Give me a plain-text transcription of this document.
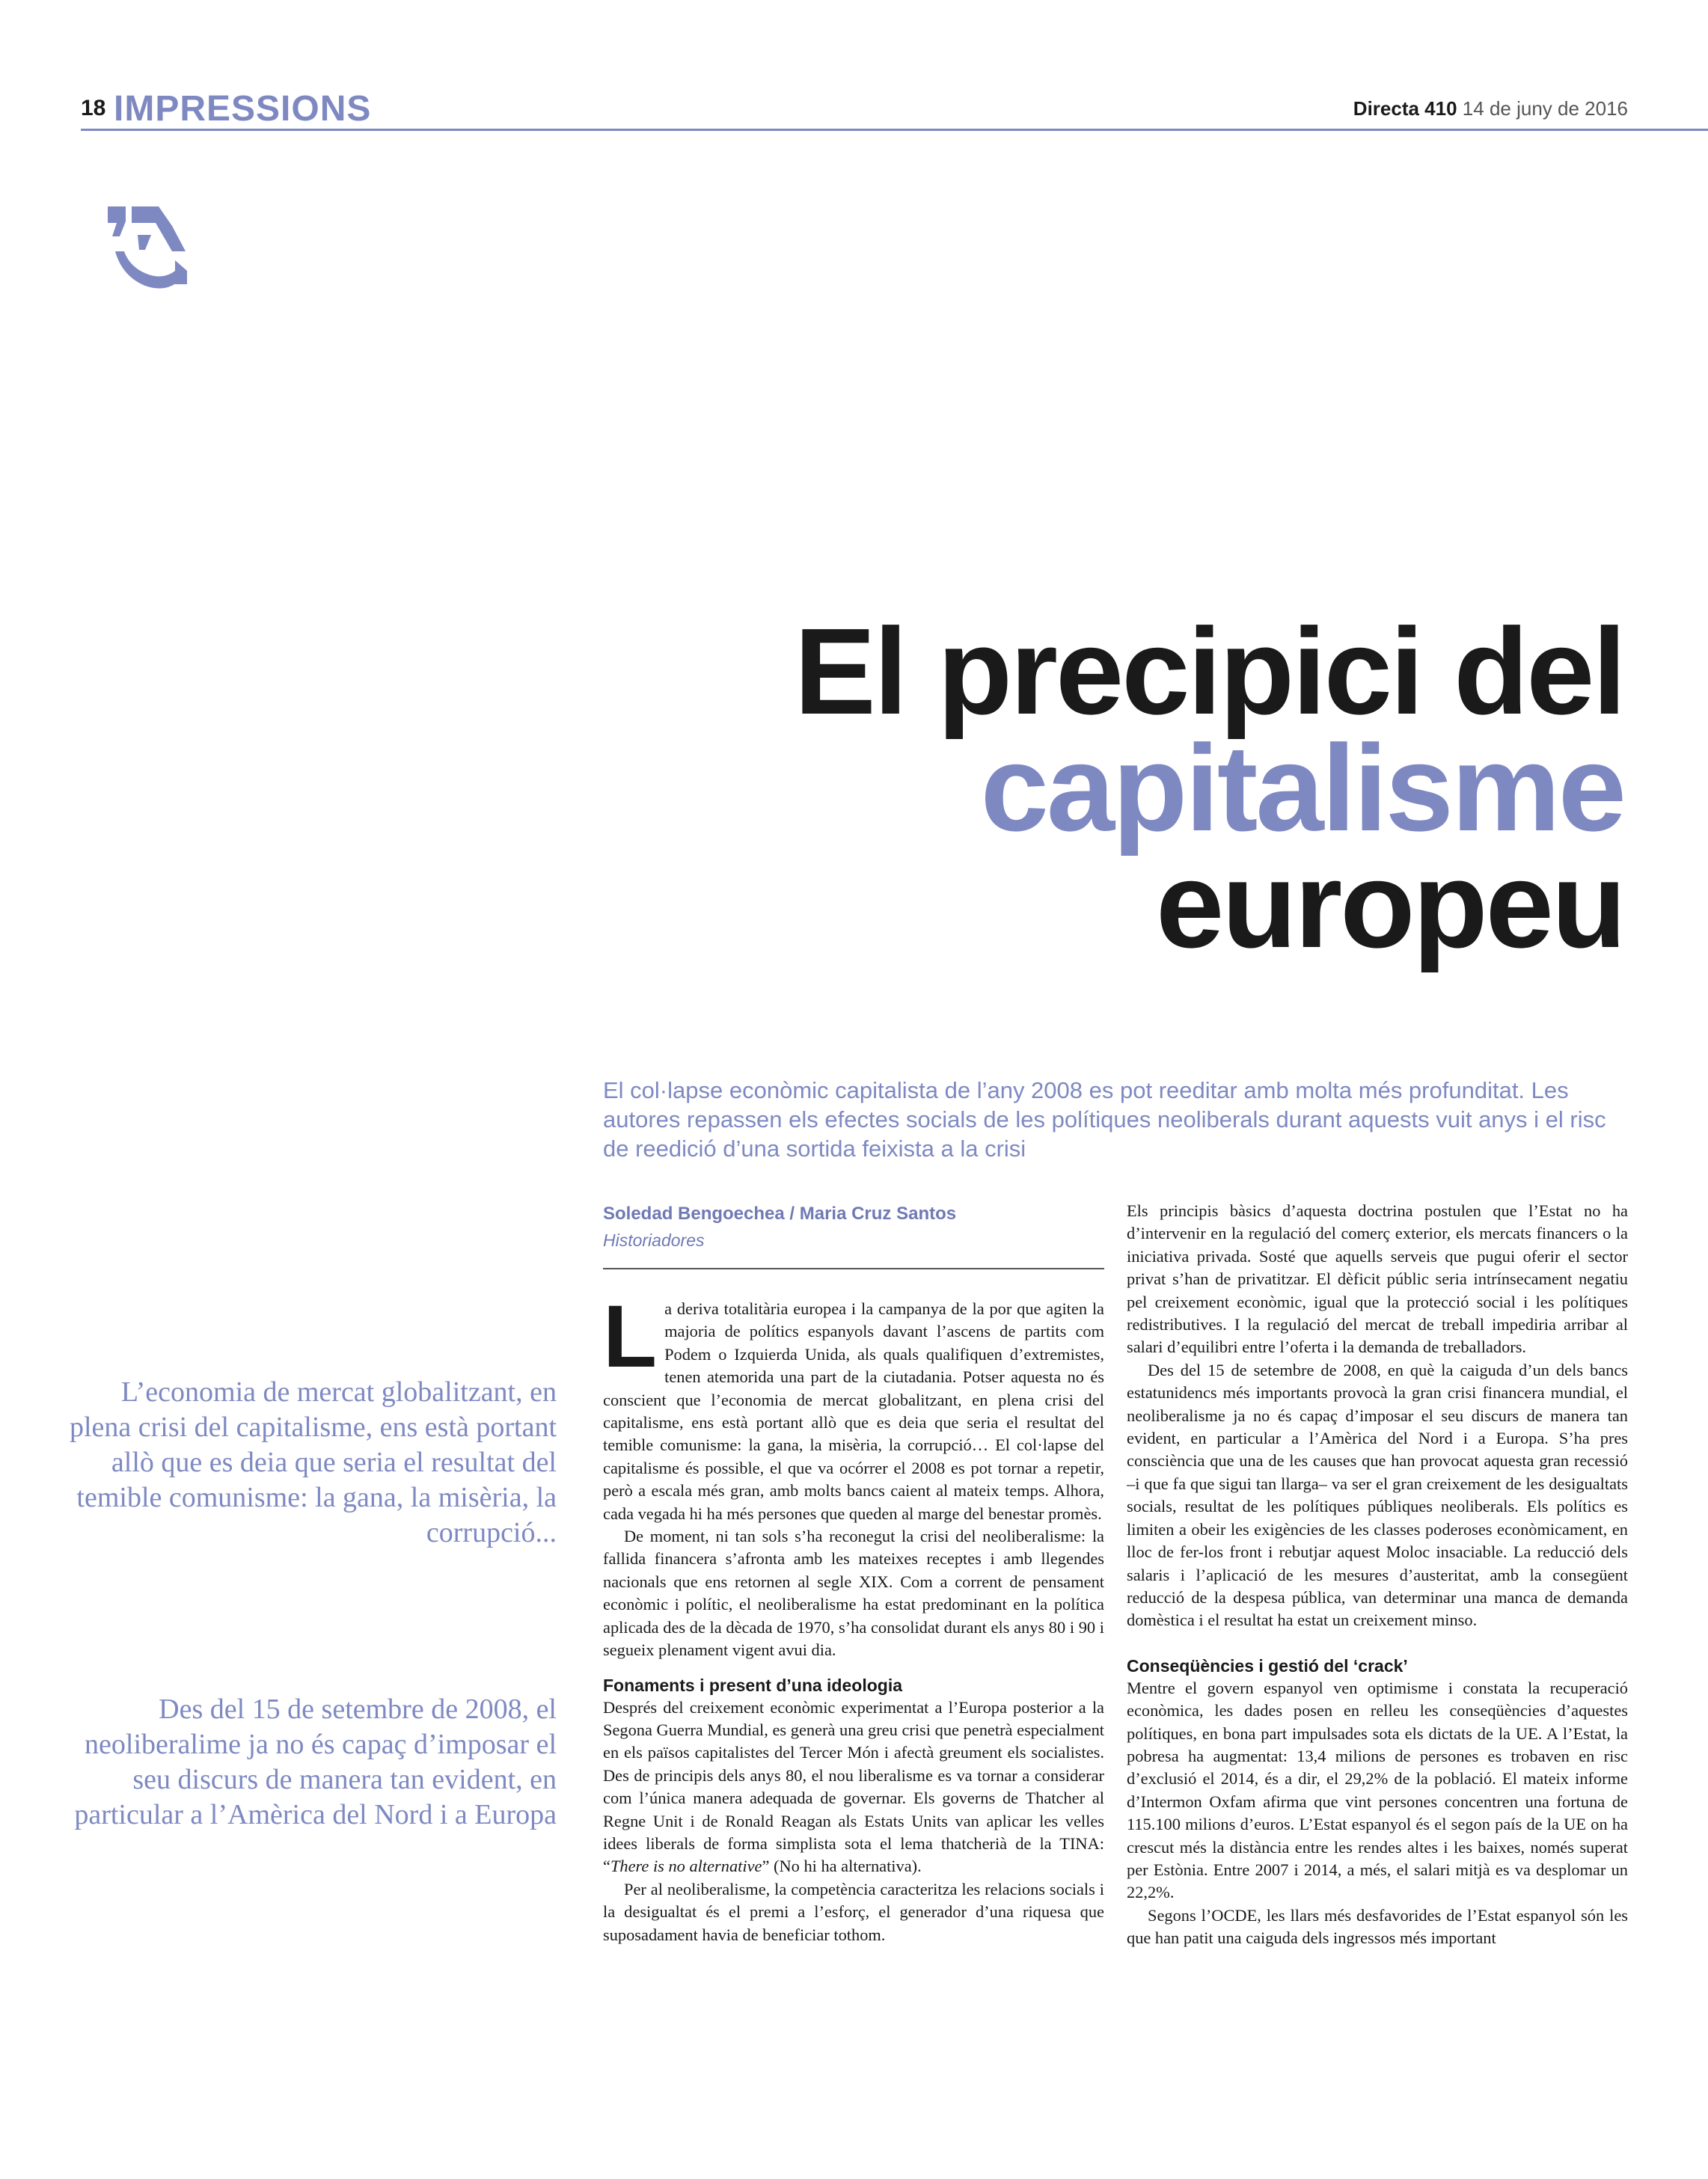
18 IMPRESSIONS	Directa 410 14 de juny de 2016
El precipici del
capitalisme
europeu
El col·lapse econòmic capitalista de l’any 2008 es pot reeditar amb molta més profunditat. Les autores repassen els efectes socials de les polítiques neoliberals durant aquests vuit anys i el risc de reedició d’una sortida feixista a la crisi
Soledad Bengoechea / Maria Cruz Santos
Historiadores
L’economia de mercat globalitzant, en plena crisi del capitalisme, ens està portant allò que es deia que seria el resultat del temible comunisme: la gana, la misèria, la corrupció...
Des del 15 de setembre de 2008, el neoliberalime ja no és capaç d’imposar el seu discurs de manera tan evident, en particular a l’Amèrica del Nord i a Europa

La deriva totalitària europea i la campanya de la por que agiten la majoria de polítics espanyols davant l’ascens de partits com Podem o Izquierda Unida, als quals qualifiquen d’extremistes, tenen atemorida una part de la ciutadania. Potser aquesta no és conscient que l’economia de mercat globalitzant, en plena crisi del capitalisme, ens està portant allò que es deia que seria el resultat del temible comunisme: la gana, la misèria, la corrupció… El col·lapse del capitalisme és possible, el que va ocórrer el 2008 es pot tornar a repetir, però a escala més gran, amb molts bancs caient al mateix temps. Alhora, cada vegada hi ha més persones que queden al marge del benestar promès.

De moment, ni tan sols s’ha reconegut la crisi del neoliberalisme: la fallida financera s’afronta amb les mateixes receptes i amb llegendes nacionals que ens retornen al segle XIX. Com a corrent de pensament econòmic i polític, el neoliberalisme ha estat predominant en la política aplicada des de la dècada de 1970, s’ha consolidat durant els anys 80 i 90 i segueix plenament vigent avui dia.

Fonaments i present d’una ideologia

Després del creixement econòmic experimentat a l’Europa posterior a la Segona Guerra Mundial, es generà una greu crisi que penetrà especialment en els països capitalistes del Tercer Món i afectà greument els socialistes. Des de principis dels anys 80, el nou liberalisme es va tornar a considerar com l’única manera adequada de governar. Els governs de Thatcher al Regne Unit i de Ronald Reagan als Estats Units van aplicar les velles idees liberals de forma simplista sota el lema thatcherià de la TINA: “There is no alternative” (No hi ha alternativa).

Per al neoliberalisme, la competència caracteritza les relacions socials i la desigualtat és el premi a l’esforç, el generador d’una riquesa que suposadament havia de beneficiar tothom.

Els principis bàsics d’aquesta doctrina postulen que l’Estat no ha d’intervenir en la regulació del comerç exterior, els mercats financers o la iniciativa privada. Sosté que aquells serveis que pugui oferir el sector privat s’han de privatitzar. El dèficit públic seria intrínsecament negatiu pel creixement econòmic, igual que la protecció social i les polítiques redistributives. I la regulació del mercat de treball impediria arribar al salari d’equilibri entre l’oferta i la demanda de treballadors.

Des del 15 de setembre de 2008, en què la caiguda d’un dels bancs estatunidencs més importants provocà la gran crisi financera mundial, el neoliberalisme ja no és capaç d’imposar el seu discurs de manera tan evident, en particular a l’Amèrica del Nord i a Europa. S’ha pres consciència que una de les causes que han provocat aquesta gran recessió –i que fa que sigui tan llarga– va ser el gran creixement de les desigualtats socials, resultat de les polítiques públiques neoliberals. Els polítics es limiten a obeir les exigències de les classes poderoses econòmicament, en lloc de fer-los front i rebutjar aquest Moloc insaciable. La reducció dels salaris i l’aplicació de les mesures d’austeritat, amb la consegüent reducció de la despesa pública, van determinar una manca de demanda domèstica i el resultat ha estat un creixement minso.

Conseqüències i gestió del ‘crack’

Mentre el govern espanyol ven optimisme i constata la recuperació econòmica, les dades posen en relleu les conseqüències d’aquestes polítiques, en bona part impulsades sota els dictats de la UE. A l’Estat, la pobresa ha augmentat: 13,4 milions de persones es trobaven en risc d’exclusió el 2014, és a dir, el 29,2% de la població. El mateix informe d’Intermon Oxfam afirma que vint persones concentren una fortuna de 115.100 milions d’euros. L’Estat espanyol és el segon país de la UE on ha crescut més la distància entre les rendes altes i les baixes, només superat per Estònia. Entre 2007 i 2014, a més, el salari mitjà es va desplomar un 22,2%.

Segons l’OCDE, les llars més desfavorides de l’Estat espanyol són les que han patit una caiguda dels ingressos més important
